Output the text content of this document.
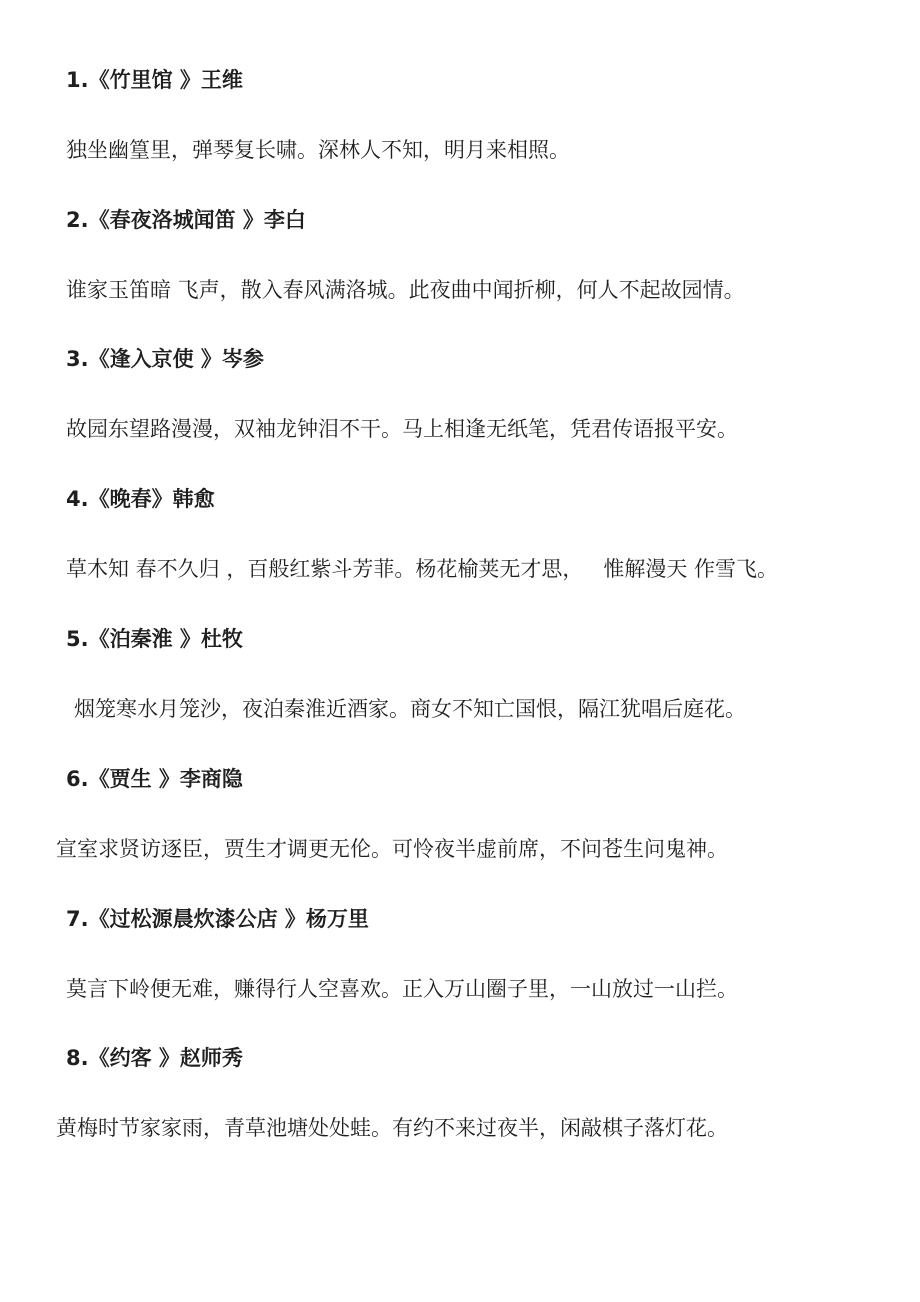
1.《竹里馆 》王维
独坐幽篁里，弹琴复长啸。深林人不知，明月来相照。
2.《春夜洛城闻笛 》李白
谁家玉笛暗 飞声，散入春风满洛城。此夜曲中闻折柳，何人不起故园情。
3.《逢入京使 》岑参
故园东望路漫漫，双袖龙钟泪不干。马上相逢无纸笔，凭君传语报平安。
4.《晚春》韩愈
草木知 春不久归 ，百般红紫斗芳菲。杨花榆荚无才思，   惟解漫天 作雪飞。
5.《泊秦淮 》杜牧
烟笼寒水月笼沙，夜泊秦淮近酒家。商女不知亡国恨，隔江犹唱后庭花。
6.《贾生 》李商隐
宣室求贤访逐臣，贾生才调更无伦。可怜夜半虚前席，不问苍生问鬼神。
7.《过松源晨炊漆公店 》杨万里
莫言下岭便无难，赚得行人空喜欢。正入万山圈子里，一山放过一山拦。
8.《约客 》赵师秀
黄梅时节家家雨，青草池塘处处蛙。有约不来过夜半，闲敲棋子落灯花。
